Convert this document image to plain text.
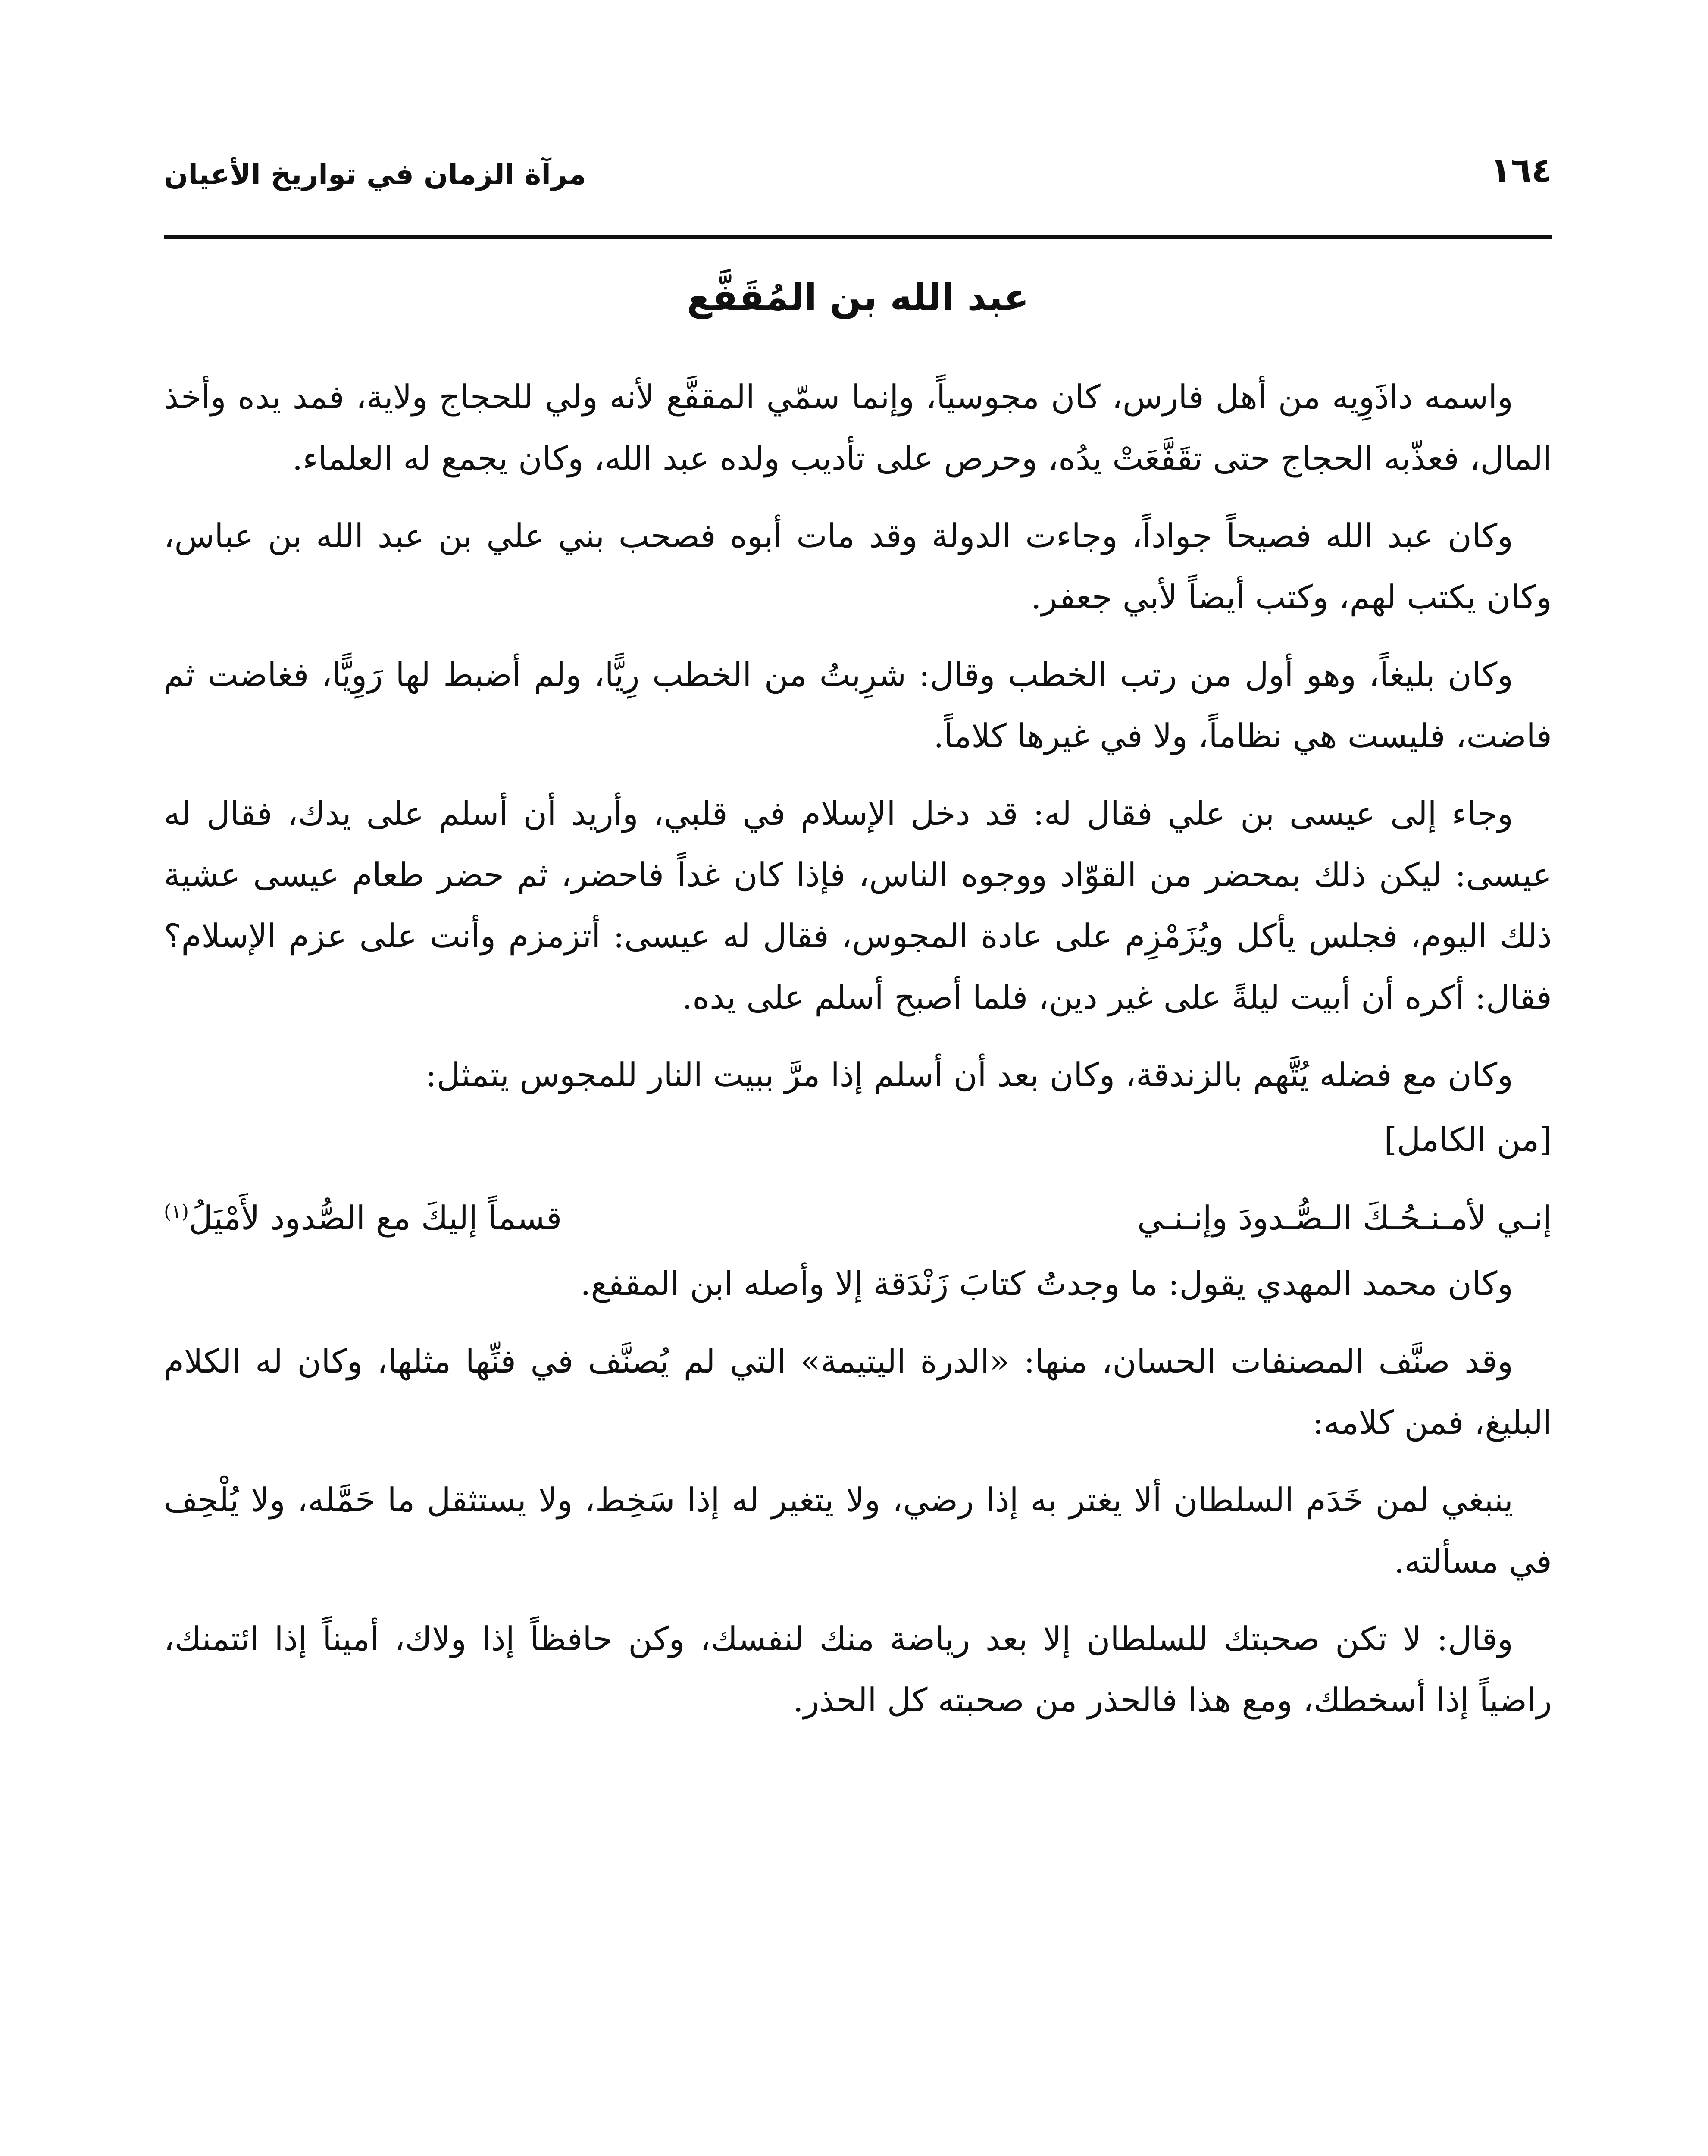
١٦٤
مرآة الزمان في تواريخ الأعيان
عبد الله بن المُقَفَّع

واسمه داذَوِيه من أهل فارس، كان مجوسياً، وإنما سمّي المقفَّع لأنه ولي للحجاج ولاية، فمد يده وأخذ المال، فعذّبه الحجاج حتى تقَفَّعَتْ يدُه، وحرص على تأديب ولده عبد الله، وكان يجمع له العلماء.

وكان عبد الله فصيحاً جواداً، وجاءت الدولة وقد مات أبوه فصحب بني علي بن عبد الله بن عباس، وكان يكتب لهم، وكتب أيضاً لأبي جعفر.

وكان بليغاً، وهو أول من رتب الخطب وقال: شرِبتُ من الخطب رِيًّا، ولم أضبط لها رَوِيًّا، فغاضت ثم فاضت، فليست هي نظاماً، ولا في غيرها كلاماً.

وجاء إلى عيسى بن علي فقال له: قد دخل الإسلام في قلبي، وأريد أن أسلم على يدك، فقال له عيسى: ليكن ذلك بمحضر من القوّاد ووجوه الناس، فإذا كان غداً فاحضر، ثم حضر طعام عيسى عشية ذلك اليوم، فجلس يأكل ويُزَمْزِم على عادة المجوس، فقال له عيسى: أتزمزم وأنت على عزم الإسلام؟ فقال: أكره أن أبيت ليلةً على غير دين، فلما أصبح أسلم على يده.

وكان مع فضله يُتَّهم بالزندقة، وكان بعد أن أسلم إذا مرَّ ببيت النار للمجوس يتمثل:

[من الكامل]

إنـي لأمـنـحُـكَ الـصُّـدودَ وإنـنـي
قسماً إليكَ مع الصُّدود لأَمْيَلُ$^{(١)}$

وكان محمد المهدي يقول: ما وجدتُ كتابَ زَنْدَقة إلا وأصله ابن المقفع.

وقد صنَّف المصنفات الحسان، منها: «الدرة اليتيمة» التي لم يُصنَّف في فنِّها مثلها، وكان له الكلام البليغ، فمن كلامه:

ينبغي لمن خَدَم السلطان ألا يغتر به إذا رضي، ولا يتغير له إذا سَخِط، ولا يستثقل ما حَمَّله، ولا يُلْحِف في مسألته.

وقال: لا تكن صحبتك للسلطان إلا بعد رياضة منك لنفسك، وكن حافظاً إذا ولاك، أميناً إذا ائتمنك، راضياً إذا أسخطك، ومع هذا فالحذر من صحبته كل الحذر.
